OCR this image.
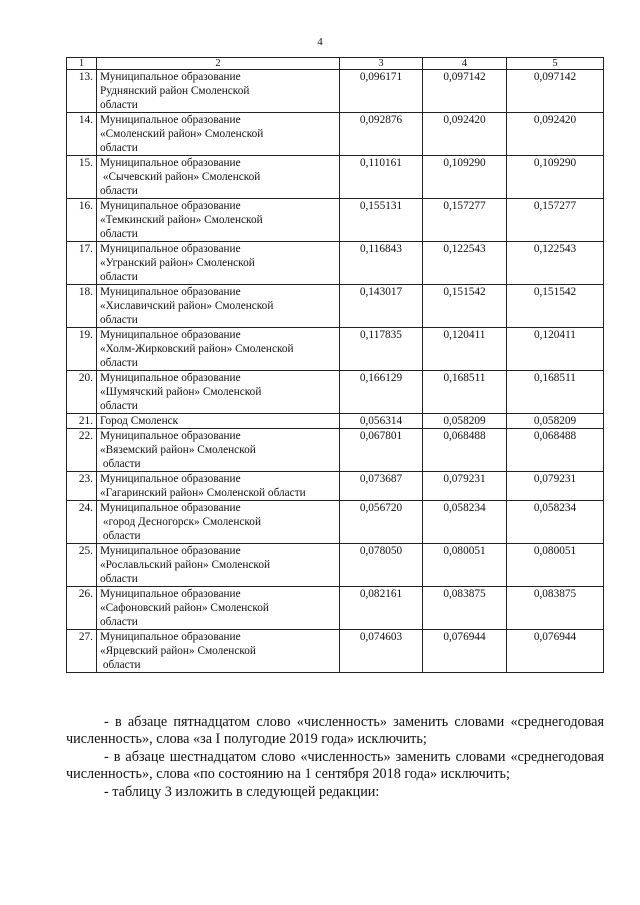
4
1	2	3	4	5
13.	Муниципальное образование
Руднянский район Смоленской
области	0,096171	0,097142	0,097142
14.	Муниципальное образование
«Смоленский район» Смоленской
области	0,092876	0,092420	0,092420
15.	Муниципальное образование
«Сычевский район» Смоленской
области	0,110161	0,109290	0,109290
16.	Муниципальное образование
«Темкинский район» Смоленской
области	0,155131	0,157277	0,157277
17.	Муниципальное образование
«Угранский район» Смоленской
области	0,116843	0,122543	0,122543
18.	Муниципальное образование
«Хиславичский район» Смоленской
области	0,143017	0,151542	0,151542
19.	Муниципальное образование
«Холм-Жирковский район» Смоленской
области	0,117835	0,120411	0,120411
20.	Муниципальное образование
«Шумячский район» Смоленской
области	0,166129	0,168511	0,168511
21.	Город Смоленск	0,056314	0,058209	0,058209
22.	Муниципальное образование
«Вяземский район» Смоленской
области	0,067801	0,068488	0,068488
23.	Муниципальное образование
«Гагаринский район» Смоленской области	0,073687	0,079231	0,079231
24.	Муниципальное образование
«город Десногорск» Смоленской
области	0,056720	0,058234	0,058234
25.	Муниципальное образование
«Рославльский район» Смоленской
области	0,078050	0,080051	0,080051
26.	Муниципальное образование
«Сафоновский район» Смоленской
области	0,082161	0,083875	0,083875
27.	Муниципальное образование
«Ярцевский район» Смоленской
области	0,074603	0,076944	0,076944

- в абзаце пятнадцатом слово «численность» заменить словами «среднегодовая численность», слова «за I полугодие 2019 года» исключить;

- в абзаце шестнадцатом слово «численность» заменить словами «среднегодовая численность», слова «по состоянию на 1 сентября 2018 года» исключить;

- таблицу 3 изложить в следующей редакции:
